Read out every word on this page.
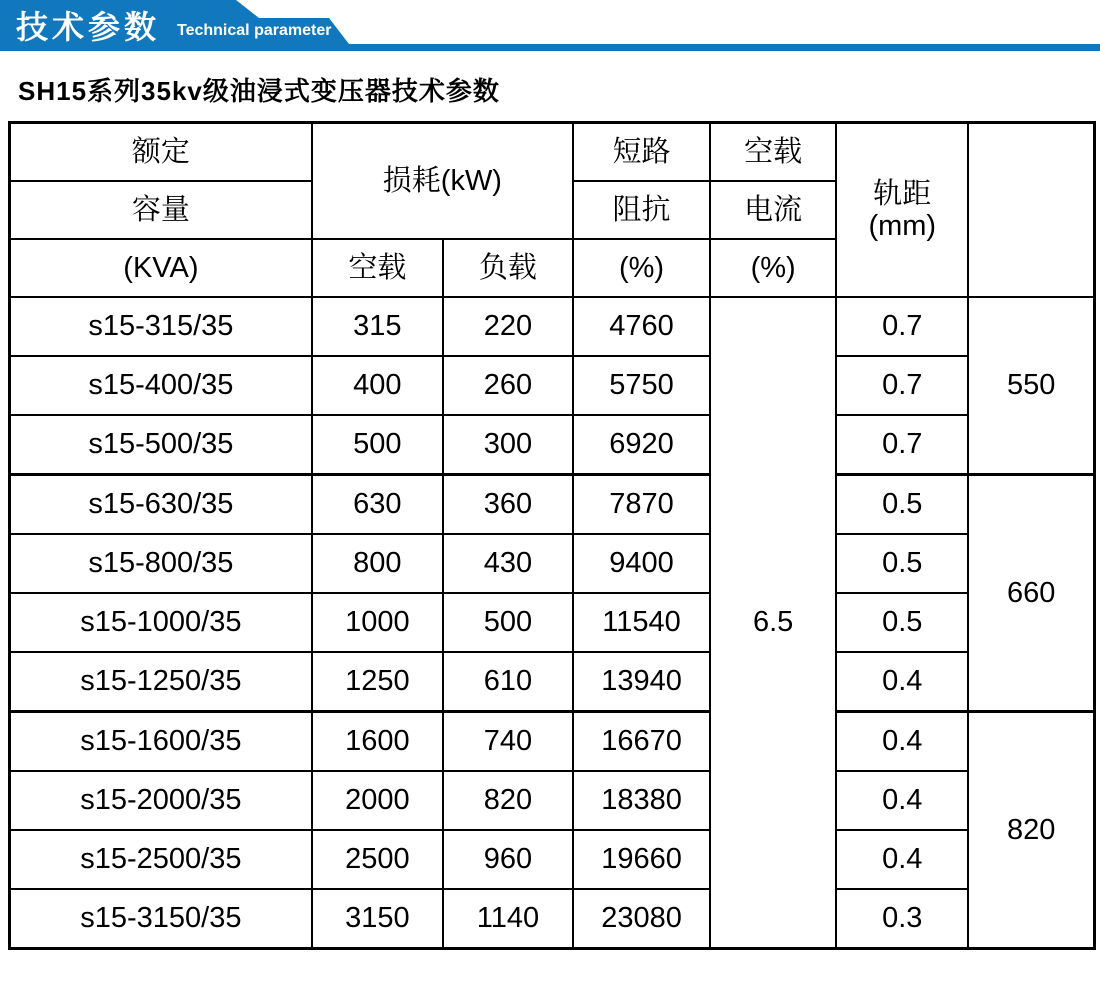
技术参数 Technical parameter
SH15系列35kv级油浸式变压器技术参数
额定	损耗(kW)		短路	空载	轨距
(mm)	

容量			阻抗	电流		
(KVA)	空载	负载	(%)	(%)		
s15-315/35	315	220	4760	6.5	0.7	550
s15-400/35	400	260	5750		0.7	
s15-500/35	500	300	6920		0.7	
s15-630/35	630	360	7870		0.5	660
s15-800/35	800	430	9400		0.5	
s15-1000/35	1000	500	11540		0.5	
s15-1250/35	1250	610	13940		0.4	
s15-1600/35	1600	740	16670		0.4	820
s15-2000/35	2000	820	18380		0.4	
s15-2500/35	2500	960	19660		0.4	
s15-3150/35	3150	1140	23080		0.3	
